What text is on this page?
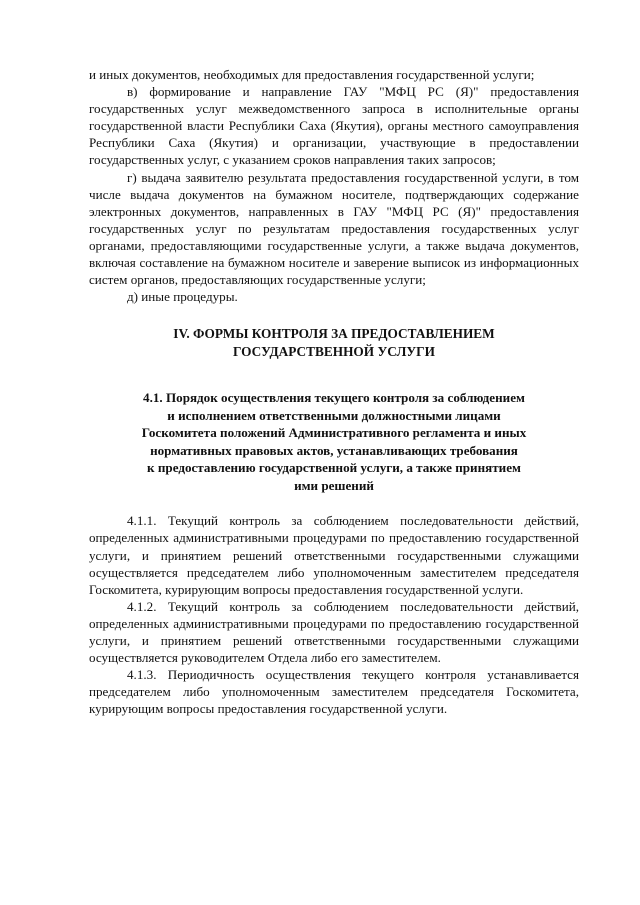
и иных документов, необходимых для предоставления государственной услуги;

в) формирование и направление ГАУ "МФЦ РС (Я)" предоставления государственных услуг межведомственного запроса в исполнительные органы государственной власти Республики Саха (Якутия), органы местного самоуправления Республики Саха (Якутия) и организации, участвующие в предоставлении государственных услуг, с указанием сроков направления таких запросов;

г) выдача заявителю результата предоставления государственной услуги, в том числе выдача документов на бумажном носителе, подтверждающих содержание электронных документов, направленных в ГАУ "МФЦ РС (Я)" предоставления государственных услуг по результатам предоставления государственных услуг органами, предоставляющими государственные услуги, а также выдача документов, включая составление на бумажном носителе и заверение выписок из информационных систем органов, предоставляющих государственные услуги;

д) иные процедуры.

IV. ФОРМЫ КОНТРОЛЯ ЗА ПРЕДОСТАВЛЕНИЕМ
ГОСУДАРСТВЕННОЙ УСЛУГИ
4.1. Порядок осуществления текущего контроля за соблюдением
и исполнением ответственными должностными лицами
Госкомитета положений Административного регламента и иных
нормативных правовых актов, устанавливающих требования
к предоставлению государственной услуги, а также принятием
ими решений

4.1.1. Текущий контроль за соблюдением последовательности действий, определенных административными процедурами по предоставлению государственной услуги, и принятием решений ответственными государственными служащими осуществляется председателем либо уполномоченным заместителем председателя Госкомитета, курирующим вопросы предоставления государственной услуги.

4.1.2. Текущий контроль за соблюдением последовательности действий, определенных административными процедурами по предоставлению государственной услуги, и принятием решений ответственными государственными служащими осуществляется руководителем Отдела либо его заместителем.

4.1.3. Периодичность осуществления текущего контроля устанавливается председателем либо уполномоченным заместителем председателя Госкомитета, курирующим вопросы предоставления государственной услуги.
